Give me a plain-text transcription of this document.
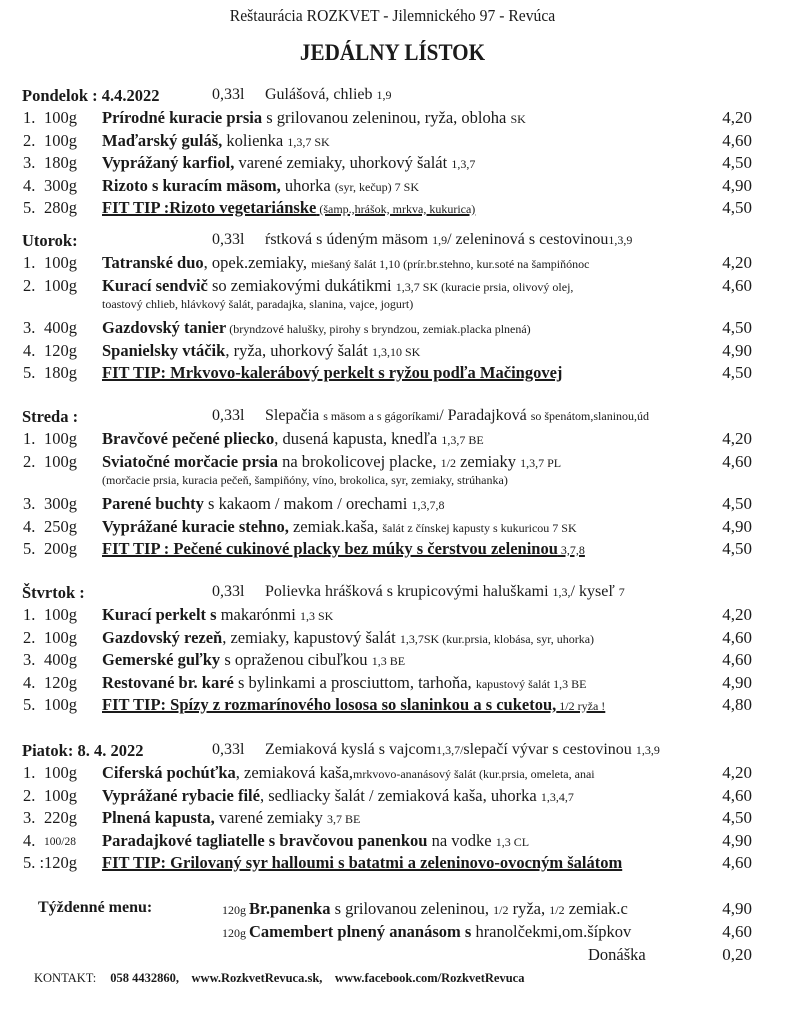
Reštaurácia ROZKVET - Jilemnického 97 - Revúca
JEDÁLNY LÍSTOK
Pondelok : 4.4.2022	0,33l Gulášová, chlieb 1,9
1. 100g Prírodné kuracie prsia s grilovanou zeleninou, ryža, obloha SK	4,20
2. 100g Maďarský guláš, kolienka 1,3,7 SK	4,60
3. 180g Vyprážaný karfiol, varené zemiaky, uhorkový šalát 1,3,7	4,50
4. 300g Rizoto s kuracím mäsom, uhorka (syr, kečup) 7 SK	4,90
5. 280g FIT TIP :Rizoto vegetariánske (šamp.,hrášok, mrkva, kukurica)	4,50
Utorok:	0,33l ŕstková s údeným mäsom 1,9/ zeleninová s cestovinou1,3,9
1. 100g Tatranské duo, opek.zemiaky, miešaný šalát 1,10 (prír.br.stehno, kur.soté na šampiňónoc	4,20
2. 100g Kurací sendvič so zemiakovými dukátikmi 1,3,7 SK (kuracie prsia, olivový olej,	4,60
toastový chlieb, hlávkový šalát, paradajka, slanina, vajce, jogurt)
3. 400g Gazdovský tanier (bryndzové halušky, pirohy s bryndzou, zemiak.placka plnená)	4,50
4. 120g Spanielsky vtáčik, ryža, uhorkový šalát 1,3,10 SK	4,90
5. 180g FIT TIP: Mrkvovo-kalerábový perkelt s ryžou podľa Mačingovej	4,50
Streda :	0,33l Slepačia s mäsom a s gágoríkami/ Paradajková so špenátom,slaninou,úd
1. 100g Bravčové pečené pliecko, dusená kapusta, knedľa 1,3,7 BE	4,20
2. 100g Sviatočné morčacie prsia na brokolicovej placke, 1/2 zemiaky 1,3,7 PL	4,60
(morčacie prsia, kuracia pečeň, šampiňóny, víno, brokolica, syr, zemiaky, strúhanka)
3. 300g Parené buchty s kakaom / makom / orechami 1,3,7,8	4,50
4. 250g Vyprážané kuracie stehno, zemiak.kaša, šalát z čínskej kapusty s kukuricou 7 SK	4,90
5. 200g FIT TIP : Pečené cukinové placky bez múky s čerstvou zeleninou 3,7,8	4,50
Štvrtok :	0,33l Polievka hrášková s krupicovými haluškami 1,3,/ kyseľ 7
1. 100g Kurací perkelt s makarónmi 1,3 SK	4,20
2. 100g Gazdovský rezeň, zemiaky, kapustový šalát 1,3,7SK (kur.prsia, klobása, syr, uhorka)	4,60
3. 400g Gemerské guľky s opraženou cibuľkou 1,3 BE	4,60
4. 120g Restované br. karé s bylinkami a prosciuttom, tarhoňa, kapustový šalát 1,3 BE	4,90
5. 100g FIT TIP: Spízy z rozmarínového lososa so slaninkou a s cuketou, 1/2 ryža !	4,80
Piatok: 8. 4. 2022	0,33l Zemiaková kyslá s vajcom1,3,7/slepačí vývar s cestovinou 1,3,9
1. 100g Ciferská pochúťka, zemiaková kaša,mrkvovo-ananásový šalát (kur.prsia, omeleta, anai	4,20
2. 100g Vyprážané rybacie filé, sedliacky šalát / zemiaková kaša, uhorka 1,3,4,7	4,60
3. 220g Plnená kapusta, varené zemiaky 3,7 BE	4,50
4. 100/28 Paradajkové tagliatelle s bravčovou panenkou na vodke 1,3 CL	4,90
5. : 120g FIT TIP: Grilovaný syr halloumi s batatmi a zeleninovo-ovocným šalátom	4,60
Týždenné menu:	120g Br.panenka s grilovanou zeleninou, 1/2 ryža, 1/2 zemiak.c	4,90
120g Camembert plnený ananásom s hranolčekmi,om.šípkov	4,60
Donáška	0,20
KONTAKT: 058 4432860, www.RozkvetRevuca.sk, www.facebook.com/RozkvetRevuca
